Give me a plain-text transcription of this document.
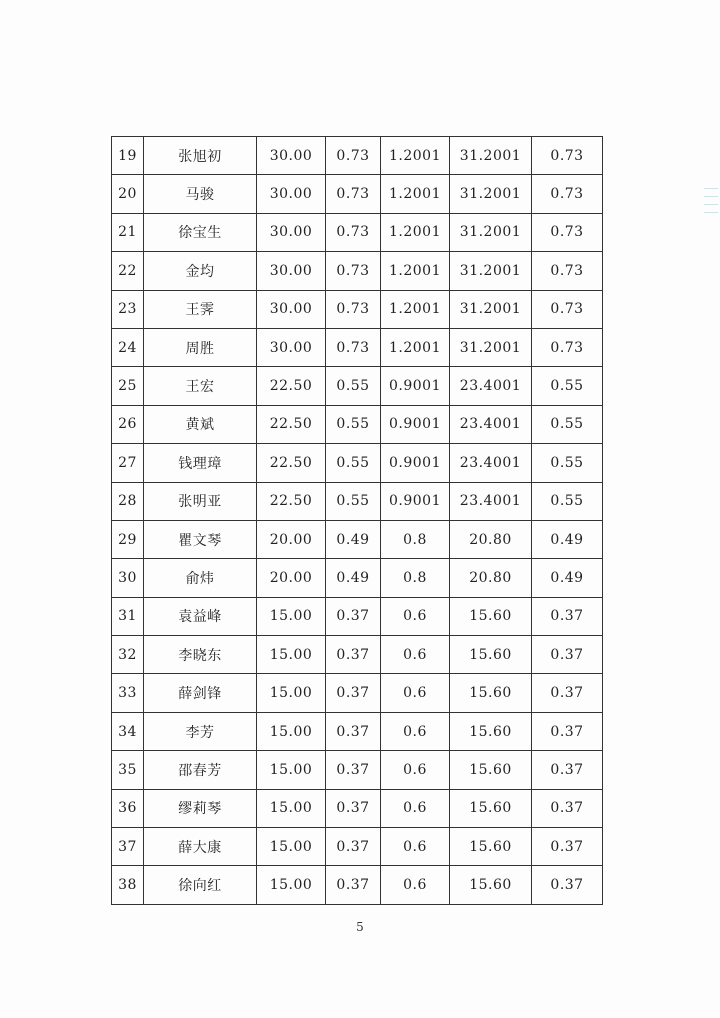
19	张旭初	30.00	0.73	1.2001	31.2001	0.73
20	马骏	30.00	0.73	1.2001	31.2001	0.73
21	徐宝生	30.00	0.73	1.2001	31.2001	0.73
22	金均	30.00	0.73	1.2001	31.2001	0.73
23	王霁	30.00	0.73	1.2001	31.2001	0.73
24	周胜	30.00	0.73	1.2001	31.2001	0.73
25	王宏	22.50	0.55	0.9001	23.4001	0.55
26	黄斌	22.50	0.55	0.9001	23.4001	0.55
27	钱理璋	22.50	0.55	0.9001	23.4001	0.55
28	张明亚	22.50	0.55	0.9001	23.4001	0.55
29	瞿文琴	20.00	0.49	0.8	20.80	0.49
30	俞炜	20.00	0.49	0.8	20.80	0.49
31	袁益峰	15.00	0.37	0.6	15.60	0.37
32	李晓东	15.00	0.37	0.6	15.60	0.37
33	薛剑锋	15.00	0.37	0.6	15.60	0.37
34	李芳	15.00	0.37	0.6	15.60	0.37
35	邵春芳	15.00	0.37	0.6	15.60	0.37
36	缪莉琴	15.00	0.37	0.6	15.60	0.37
37	薛大康	15.00	0.37	0.6	15.60	0.37
38	徐向红	15.00	0.37	0.6	15.60	0.37
5
